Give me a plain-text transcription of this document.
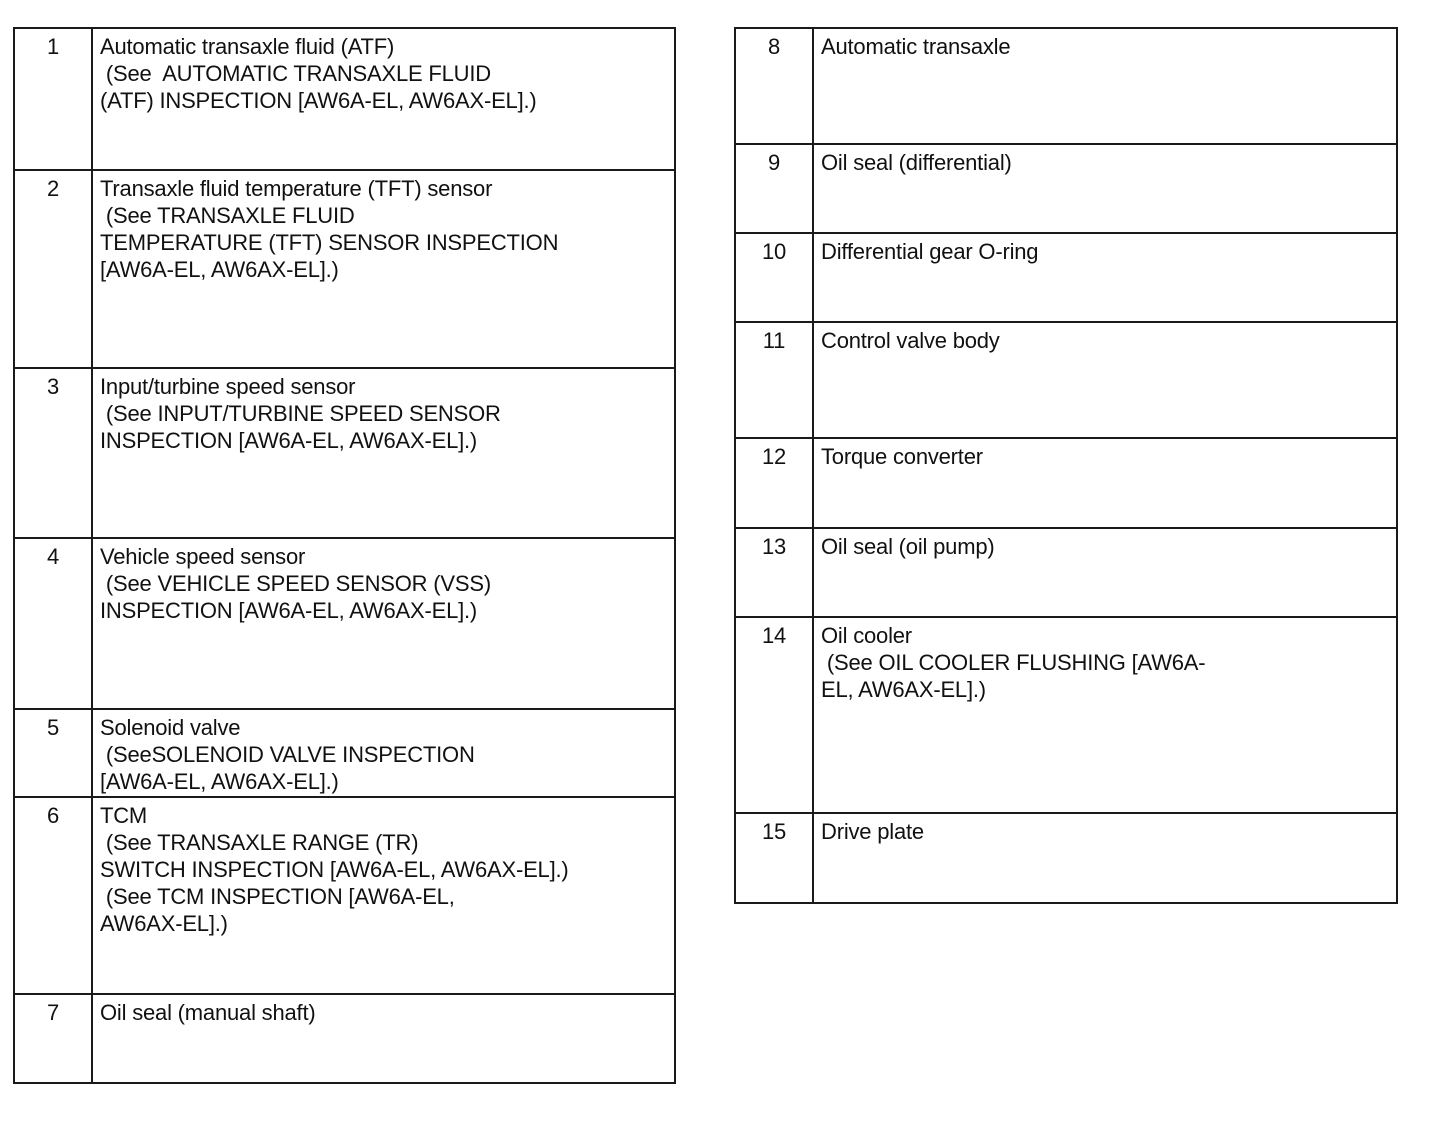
1	Automatic transaxle fluid (ATF)
(See  AUTOMATIC TRANSAXLE FLUID
(ATF) INSPECTION [AW6A-EL, AW6AX-EL].)

2	Transaxle fluid temperature (TFT) sensor
(See TRANSAXLE FLUID
TEMPERATURE (TFT) SENSOR INSPECTION
[AW6A-EL, AW6AX-EL].)

3	Input/turbine speed sensor
(See INPUT/TURBINE SPEED SENSOR
INSPECTION [AW6A-EL, AW6AX-EL].)

4	Vehicle speed sensor
(See VEHICLE SPEED SENSOR (VSS)
INSPECTION [AW6A-EL, AW6AX-EL].)

5	Solenoid valve
(SeeSOLENOID VALVE INSPECTION
[AW6A-EL, AW6AX-EL].)

6	TCM
(See TRANSAXLE RANGE (TR)
SWITCH INSPECTION [AW6A-EL, AW6AX-EL].)
(See TCM INSPECTION [AW6A-EL,
AW6AX-EL].)

7	Oil seal (manual shaft)
8	Automatic transaxle

9	Oil seal (differential)

10	Differential gear O-ring

11	Control valve body

12	Torque converter

13	Oil seal (oil pump)

14	Oil cooler
(See OIL COOLER FLUSHING [AW6A-
EL, AW6AX-EL].)

15	Drive plate
